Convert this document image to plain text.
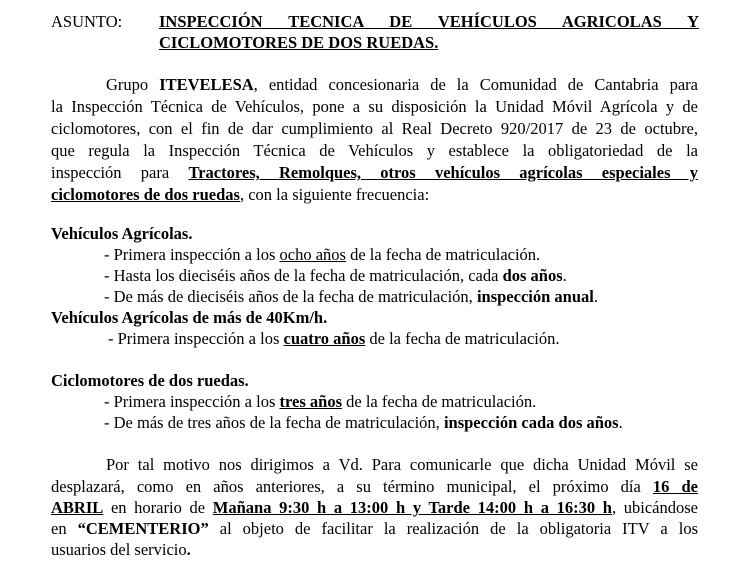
ASUNTO: INSPECCIÓN TECNICA DE VEHÍCULOS AGRICOLAS Y
CICLOMOTORES DE DOS RUEDAS.
Grupo ITEVELESA, entidad concesionaria de la Comunidad de Cantabria para
la Inspección Técnica de Vehículos, pone a su disposición la Unidad Móvil Agrícola y de
ciclomotores, con el fin de dar cumplimiento al Real Decreto 920/2017 de 23 de octubre,
que regula la Inspección Técnica de Vehículos y establece la obligatoriedad de la
inspección para Tractores, Remolques, otros vehículos agrícolas especiales y
ciclomotores de dos ruedas, con la siguiente frecuencia:
Vehículos Agrícolas.
- Primera inspección a los ocho años de la fecha de matriculación.
- Hasta los dieciséis años de la fecha de matriculación, cada dos años.
- De más de dieciséis años de la fecha de matriculación, inspección anual.
Vehículos Agrícolas de más de 40Km/h.
- Primera inspección a los cuatro años de la fecha de matriculación.
Ciclomotores de dos ruedas.
- Primera inspección a los tres años de la fecha de matriculación.
- De más de tres años de la fecha de matriculación, inspección cada dos años.
Por tal motivo nos dirigimos a Vd. Para comunicarle que dicha Unidad Móvil se
desplazará, como en años anteriores, a su término municipal, el próximo día 16 de
ABRIL en horario de Mañana 9:30 h a 13:00 h y Tarde 14:00 h a 16:30 h, ubicándose
en “CEMENTERIO” al objeto de facilitar la realización de la obligatoria ITV a los
usuarios del servicio.
